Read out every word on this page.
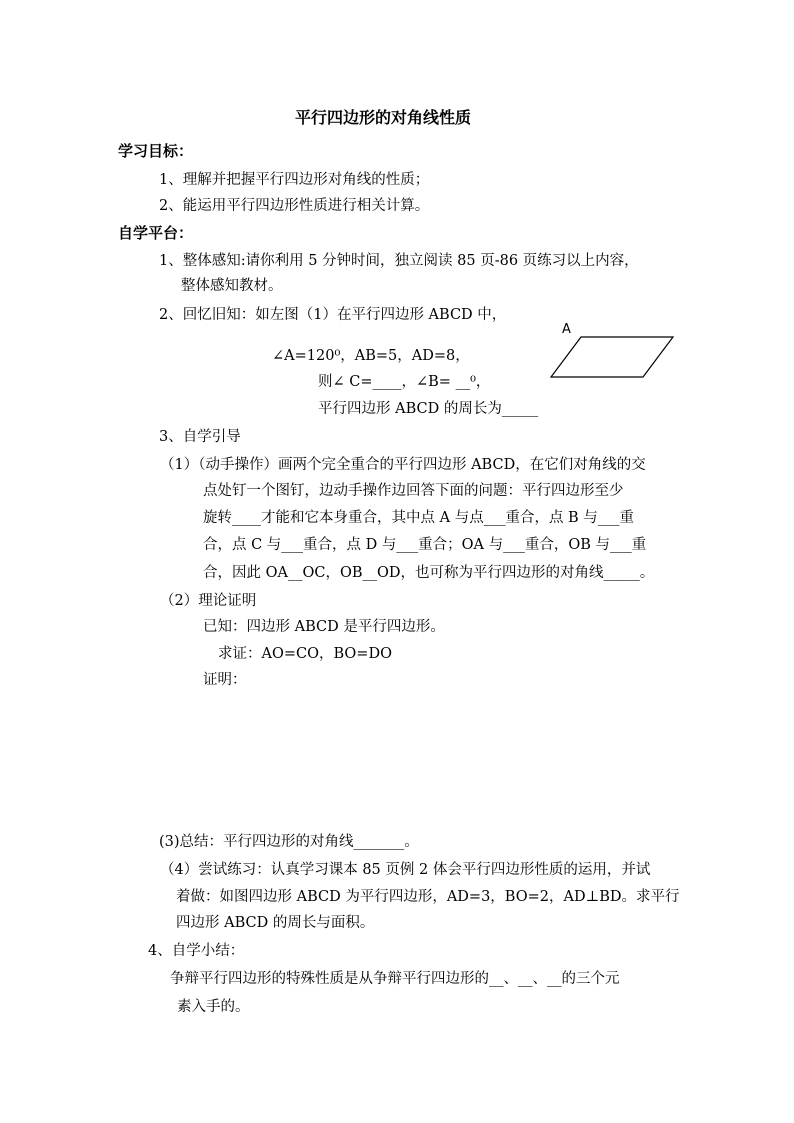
平行四边形的对角线性质
学习目标：
1、理解并把握平行四边形对角线的性质；
2、能运用平行四边形性质进行相关计算。
自学平台：
1、整体感知:请你利用 5 分钟时间，独立阅读 85 页-86 页练习以上内容，
整体感知教材。
2、回忆旧知：如左图（1）在平行四边形 ABCD 中，
A
∠A=120⁰，AB=5，AD=8，
则∠ C=____，∠B= __⁰，
平行四边形 ABCD 的周长为_____
3、自学引导
（1）（动手操作）画两个完全重合的平行四边形 ABCD，在它们对角线的交
点处钉一个图钉，边动手操作边回答下面的问题：平行四边形至少
旋转____才能和它本身重合，其中点 A 与点___重合，点 B 与___重
合，点 C 与___重合，点 D 与___重合；OA 与___重合，OB 与___重
合，因此 OA__OC，OB__OD，也可称为平行四边形的对角线_____。
（2）理论证明
已知：四边形 ABCD 是平行四边形。
求证：AO=CO，BO=DO
证明：
(3)总结：平行四边形的对角线_______。
（4）尝试练习：认真学习课本 85 页例 2 体会平行四边形性质的运用，并试
着做：如图四边形 ABCD 为平行四边形，AD=3，BO=2，AD⊥BD。求平行
四边形 ABCD 的周长与面积。
4、自学小结：
争辩平行四边形的特殊性质是从争辩平行四边形的__、__、__的三个元
素入手的。
